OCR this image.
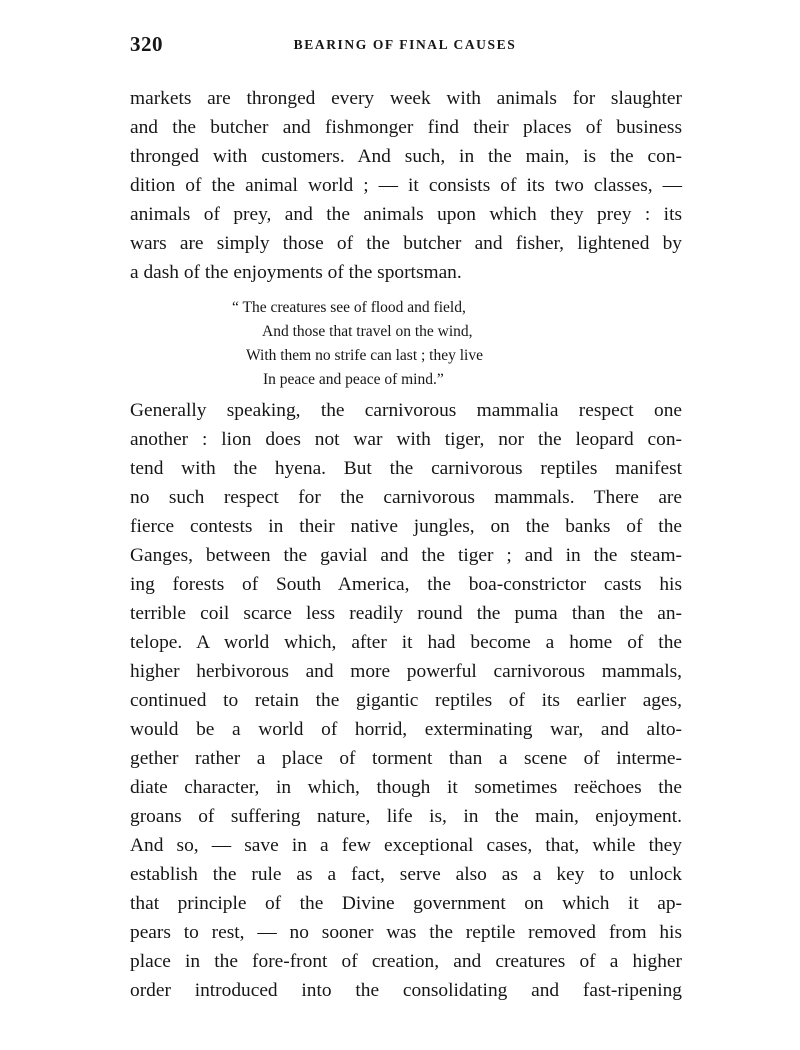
320	BEARING OF FINAL CAUSES
markets are thronged every week with animals for slaughter
and the butcher and fishmonger find their places of business
thronged with customers. And such, in the main, is the con-
dition of the animal world ; — it consists of its two classes, —
animals of prey, and the animals upon which they prey : its
wars are simply those of the butcher and fisher, lightened by
a dash of the enjoyments of the sportsman.
“ The creatures see of flood and field,
And those that travel on the wind,
With them no strife can last ; they live
In peace and peace of mind.”
Generally speaking, the carnivorous mammalia respect one
another : lion does not war with tiger, nor the leopard con-
tend with the hyena. But the carnivorous reptiles manifest
no such respect for the carnivorous mammals. There are
fierce contests in their native jungles, on the banks of the
Ganges, between the gavial and the tiger ; and in the steam-
ing forests of South America, the boa-constrictor casts his
terrible coil scarce less readily round the puma than the an-
telope. A world which, after it had become a home of the
higher herbivorous and more powerful carnivorous mammals,
continued to retain the gigantic reptiles of its earlier ages,
would be a world of horrid, exterminating war, and alto-
gether rather a place of torment than a scene of interme-
diate character, in which, though it sometimes reëchoes the
groans of suffering nature, life is, in the main, enjoyment.
And so, — save in a few exceptional cases, that, while they
establish the rule as a fact, serve also as a key to unlock
that principle of the Divine government on which it ap-
pears to rest, — no sooner was the reptile removed from his
place in the fore-front of creation, and creatures of a higher
order introduced into the consolidating and fast-ripening
